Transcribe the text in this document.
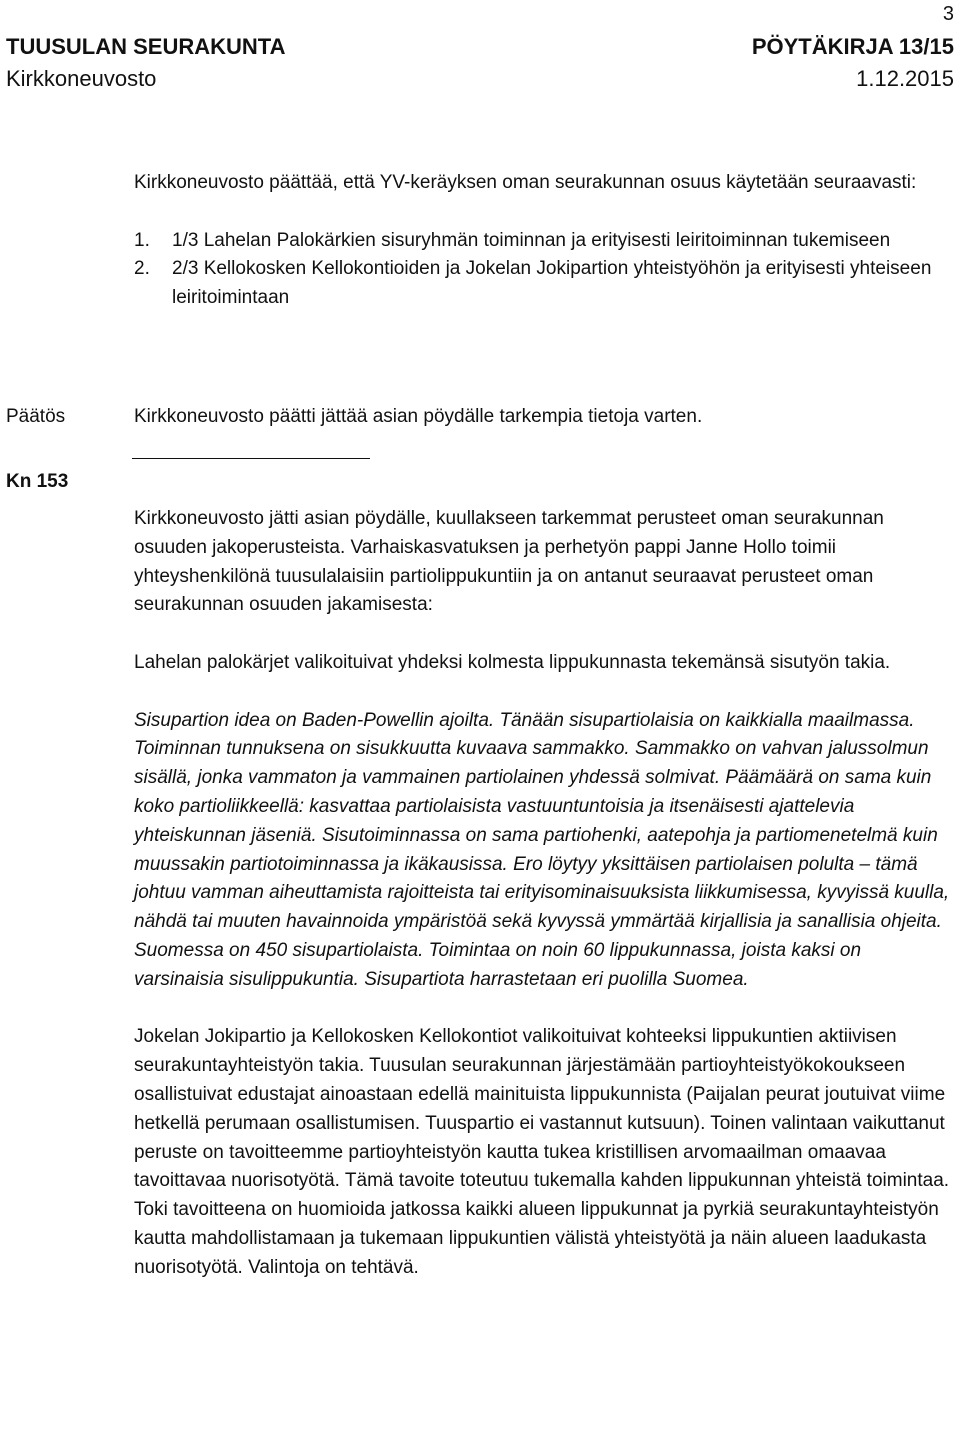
3
TUUSULAN SEURAKUNTA	PÖYTÄKIRJA 13/15
Kirkkoneuvosto	1.12.2015

Kirkkoneuvosto päättää, että YV-keräyksen oman seurakunnan osuus käytetään seuraavasti:

1. 1/3 Lahelan Palokärkien sisuryhmän toiminnan ja erityisesti leiritoiminnan tukemiseen
2. 2/3 Kellokosken Kellokontioiden ja Jokelan Jokipartion yhteistyöhön ja erityisesti yhteiseen leiritoimintaan
Päätös	Kirkkoneuvosto päätti jättää asian pöydälle tarkempia tietoja varten.

Kn 153

Kirkkoneuvosto jätti asian pöydälle, kuullakseen tarkemmat perusteet oman seurakunnan osuuden jakoperusteista. Varhaiskasvatuksen ja perhetyön pappi Janne Hollo toimii yhteyshenkilönä tuusulalaisiin partiolippukuntiin ja on antanut seuraavat perusteet oman seurakunnan osuuden jakamisesta:

Lahelan palokärjet valikoituivat yhdeksi kolmesta lippukunnasta tekemänsä sisutyön takia.

Sisupartion idea on Baden-Powellin ajoilta. Tänään sisupartiolaisia on kaikkialla maailmassa.

Toiminnan tunnuksena on sisukkuutta kuvaava sammakko. Sammakko on vahvan jalussolmun sisällä, jonka vammaton ja vammainen partiolainen yhdessä solmivat. Päämäärä on sama kuin koko partioliikkeellä: kasvattaa partiolaisista vastuuntuntoisia ja itsenäisesti ajattelevia yhteiskunnan jäseniä. Sisutoiminnassa on sama partiohenki, aatepohja ja partiomenetelmä kuin muussakin partiotoiminnassa ja ikäkausissa. Ero löytyy yksittäisen partiolaisen polulta – tämä johtuu vamman aiheuttamista rajoitteista tai erityisominaisuuksista liikkumisessa, kyvyissä kuulla, nähdä tai muuten havainnoida ympäristöä sekä kyvyssä ymmärtää kirjallisia ja sanallisia ohjeita.

Suomessa on 450 sisupartiolaista. Toimintaa on noin 60 lippukunnassa, joista kaksi on varsinaisia sisulippukuntia. Sisupartiota harrastetaan eri puolilla Suomea.

Jokelan Jokipartio ja Kellokosken Kellokontiot valikoituivat kohteeksi lippukuntien aktiivisen seurakuntayhteistyön takia. Tuusulan seurakunnan järjestämään partioyhteistyökokoukseen osallistuivat edustajat ainoastaan edellä mainituista lippukunnista (Paijalan peurat joutuivat viime hetkellä perumaan osallistumisen. Tuuspartio ei vastannut kutsuun). Toinen valintaan vaikuttanut peruste on tavoitteemme partioyhteistyön kautta tukea kristillisen arvomaailman omaavaa tavoittavaa nuorisotyötä. Tämä tavoite toteutuu tukemalla kahden lippukunnan yhteistä toimintaa. Toki tavoitteena on huomioida jatkossa kaikki alueen lippukunnat ja pyrkiä seurakuntayhteistyön kautta mahdollistamaan ja tukemaan lippukuntien välistä yhteistyötä ja näin alueen laadukasta nuorisotyötä. Valintoja on tehtävä.
